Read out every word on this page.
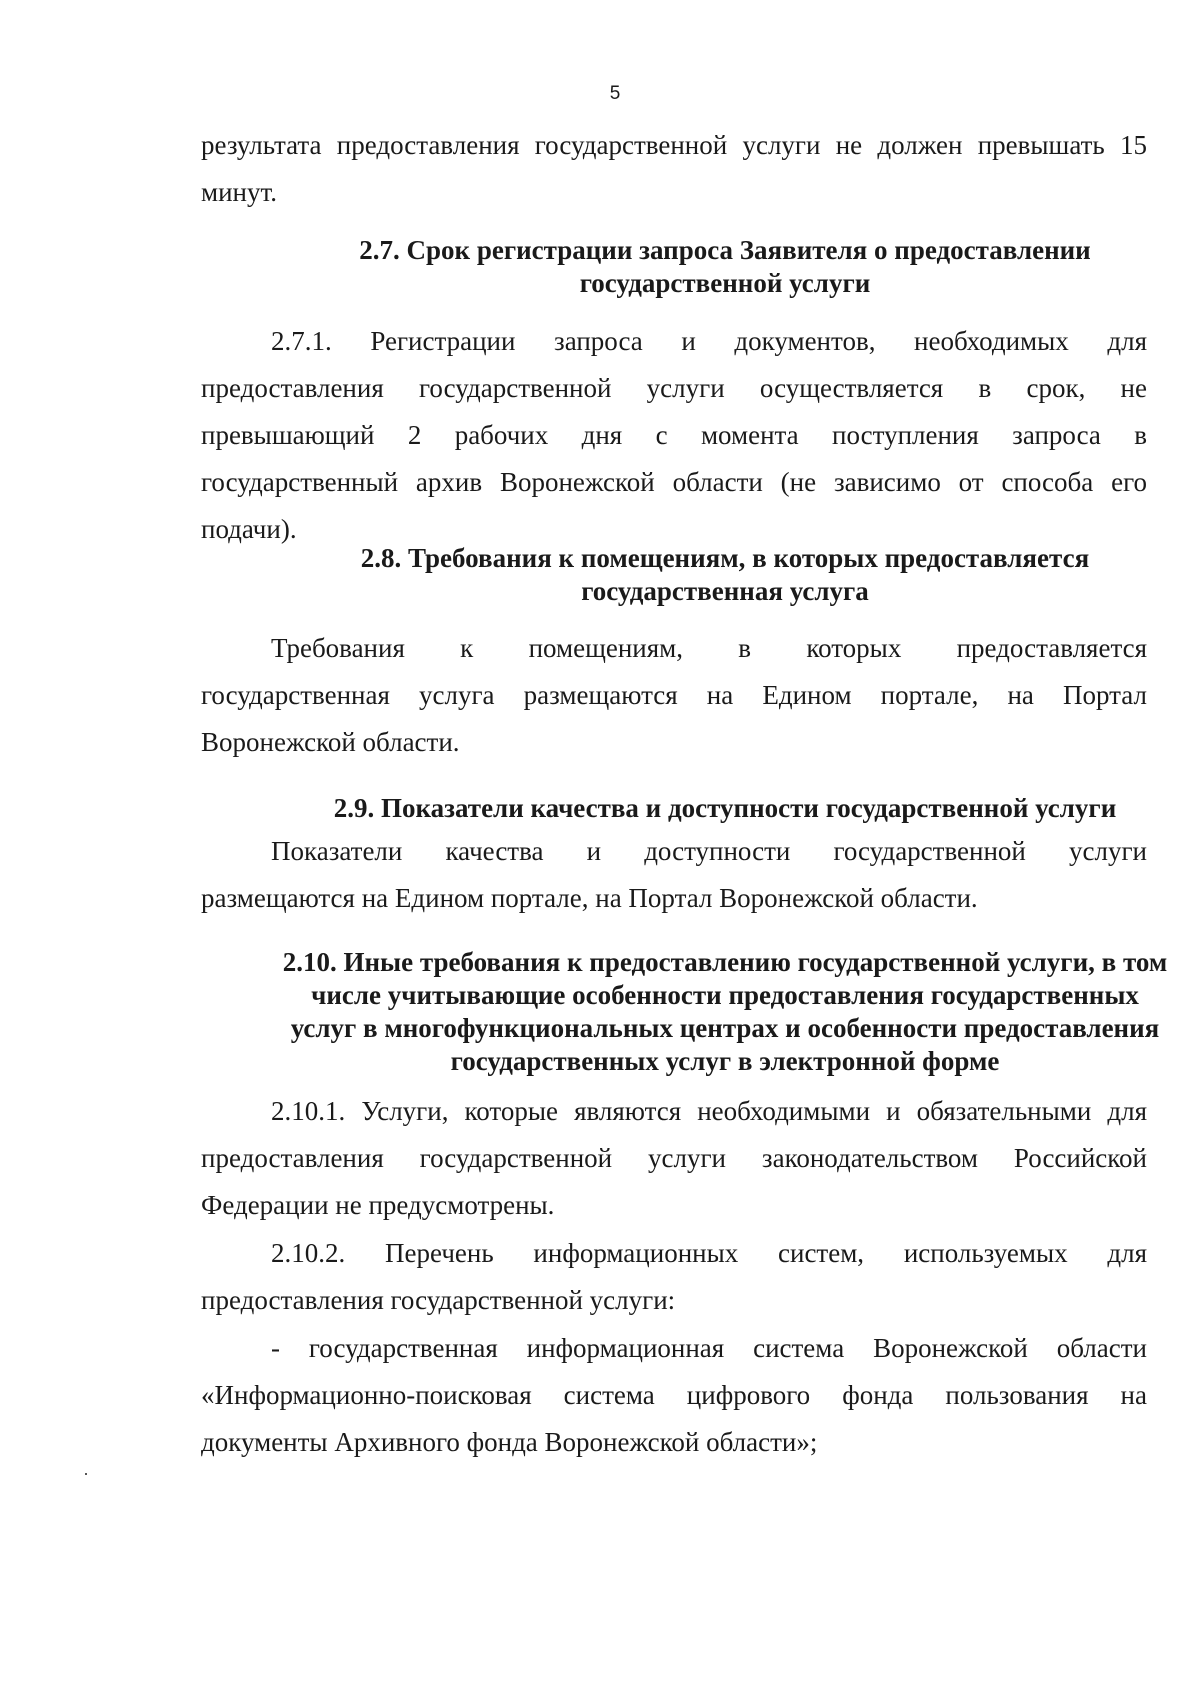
5
результата предоставления государственной услуги не должен превышать 15
минут.
2.7. Срок регистрации запроса Заявителя о предоставлении
государственной услуги
2.7.1. Регистрации запроса и документов, необходимых для
предоставления государственной услуги осуществляется в срок, не
превышающий 2 рабочих дня с момента поступления запроса в
государственный архив Воронежской области (не зависимо от способа его
подачи).
2.8. Требования к помещениям, в которых предоставляется
государственная услуга
Требования к помещениям, в которых предоставляется
государственная услуга размещаются на Едином портале, на Портал
Воронежской области.
2.9. Показатели качества и доступности государственной услуги
Показатели качества и доступности государственной услуги
размещаются на Едином портале, на Портал Воронежской области.
2.10. Иные требования к предоставлению государственной услуги, в том
числе учитывающие особенности предоставления государственных
услуг в многофункциональных центрах и особенности предоставления
государственных услуг в электронной форме
2.10.1. Услуги, которые являются необходимыми и обязательными для
предоставления государственной услуги законодательством Российской
Федерации не предусмотрены.
2.10.2. Перечень информационных систем, используемых для
предоставления государственной услуги:
- государственная информационная система Воронежской области
«Информационно-поисковая система цифрового фонда пользования на
документы Архивного фонда Воронежской области»;
